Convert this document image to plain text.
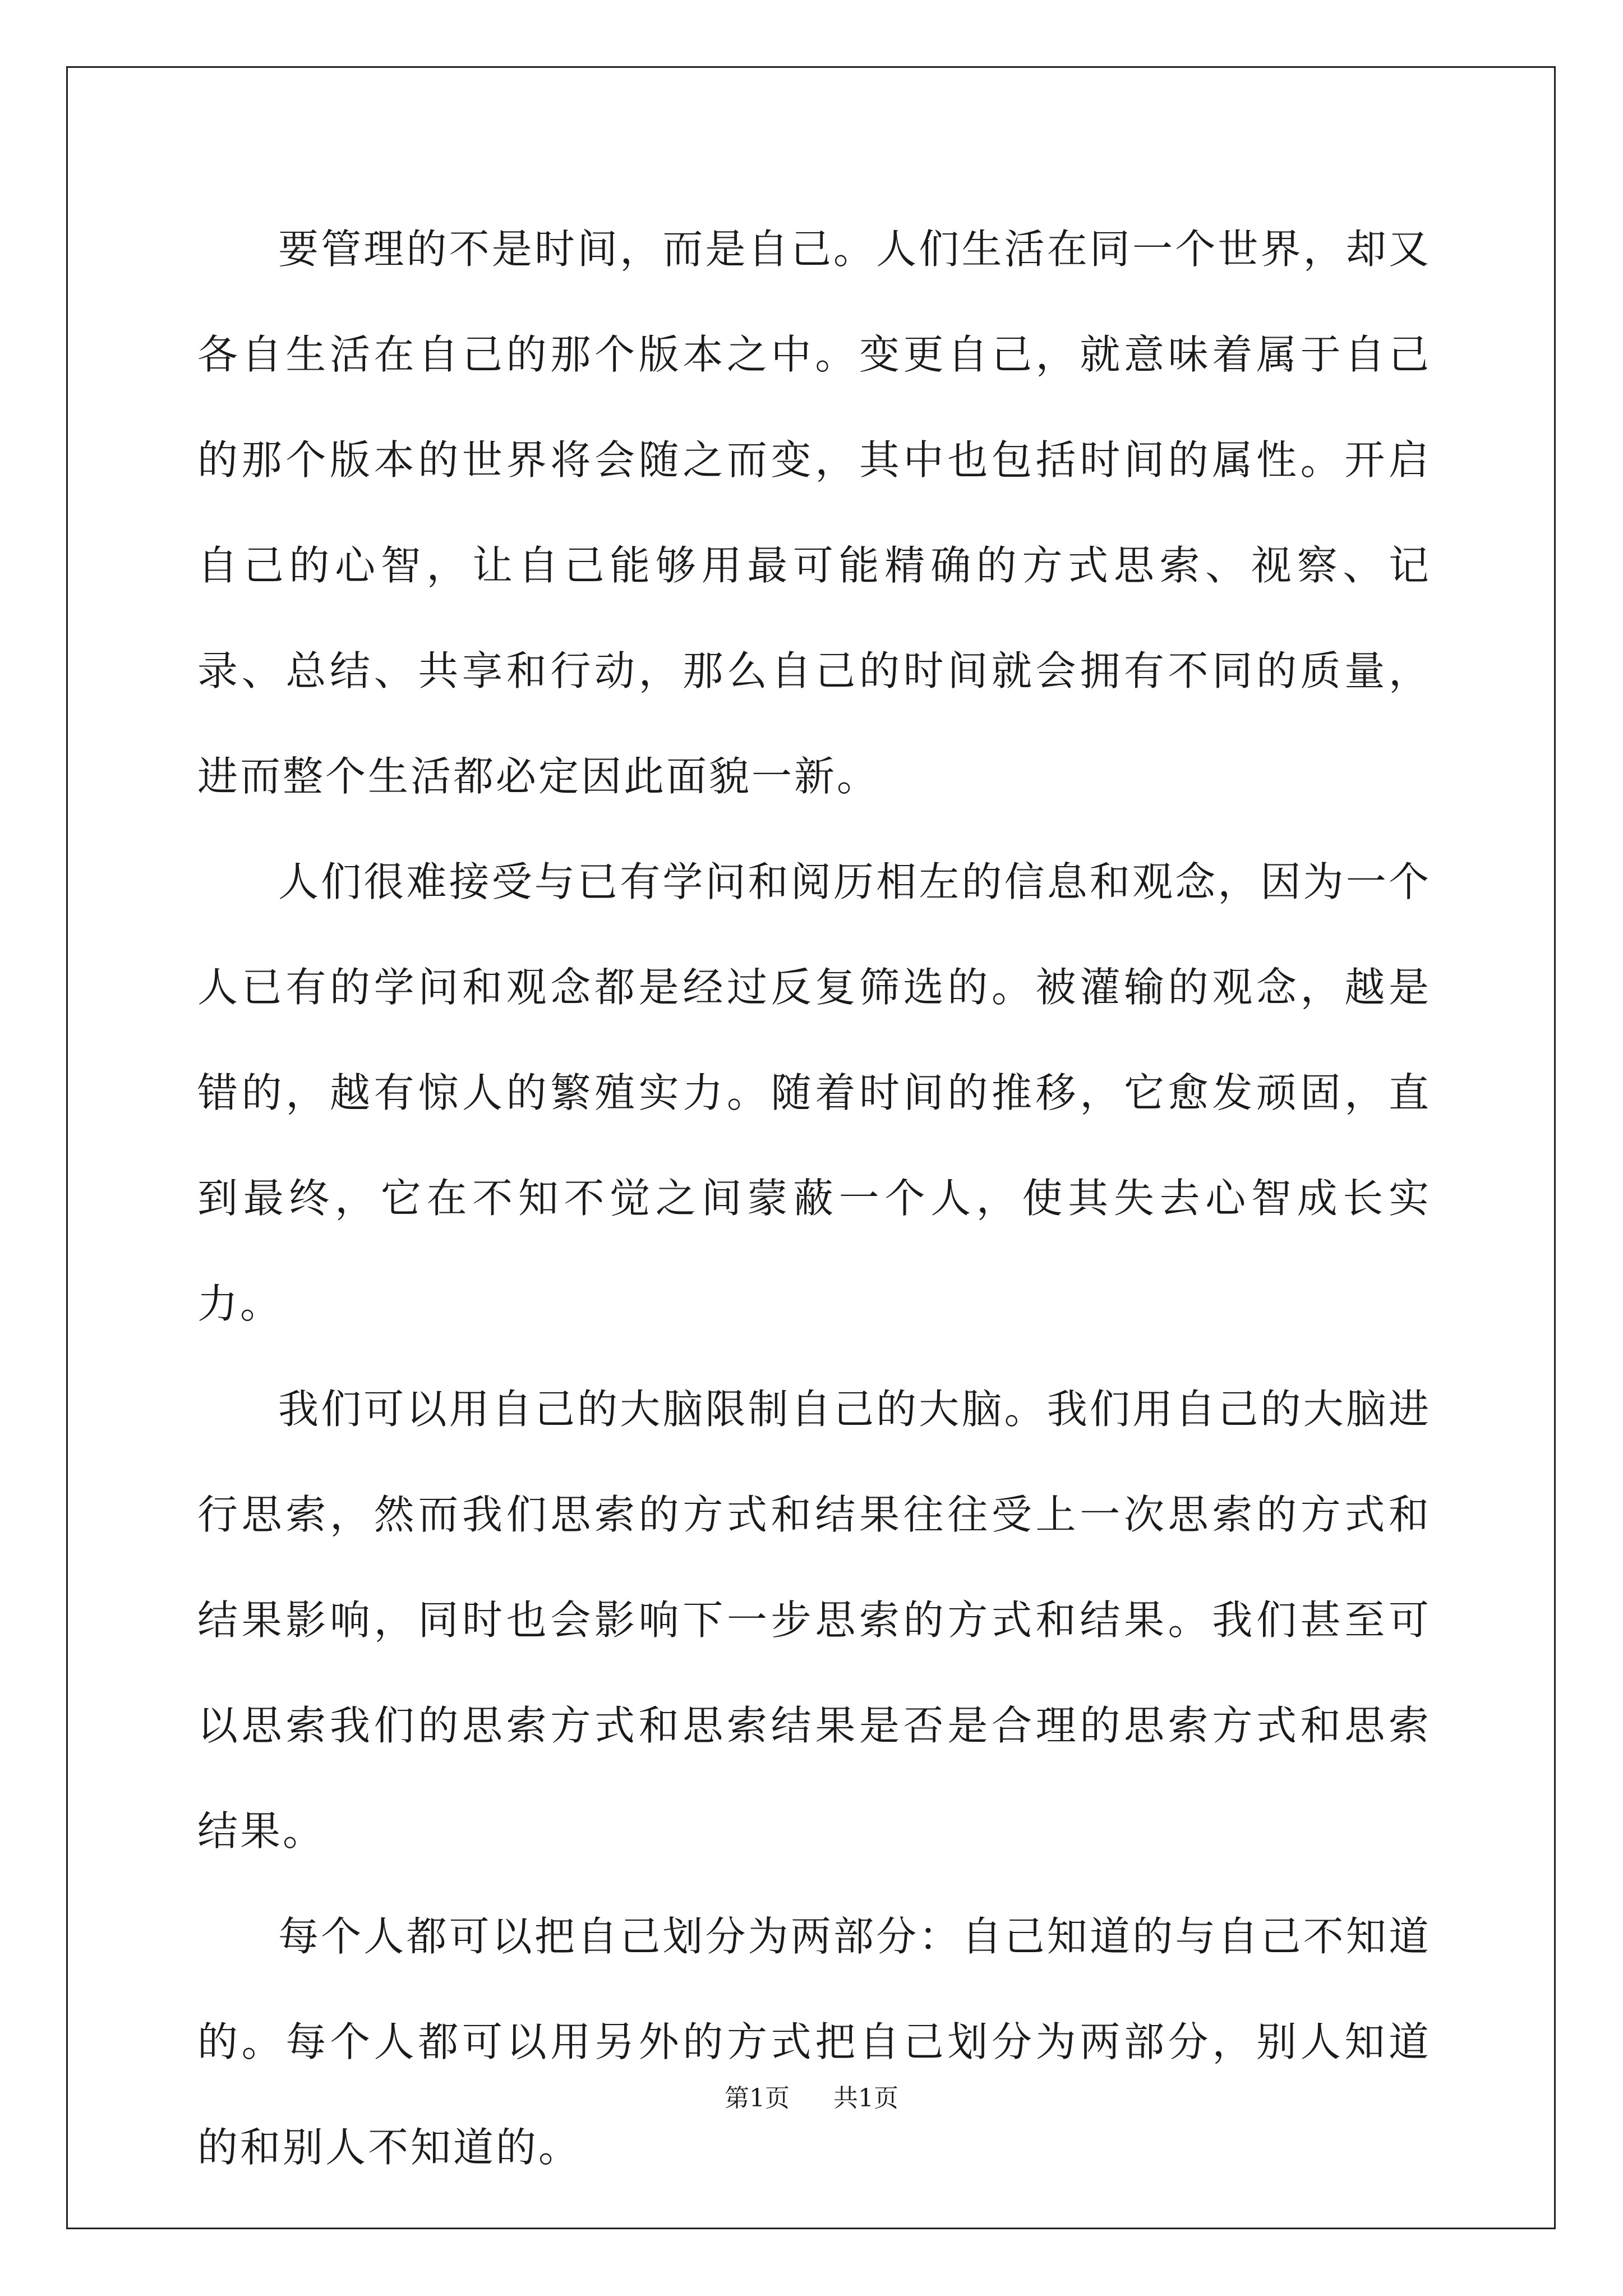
要管理的不是时间，而是自己。人们生活在同一个世界，却又各自生活在自己的那个版本之中。变更自己，就意味着属于自己的那个版本的世界将会随之而变，其中也包括时间的属性。开启自己的心智，让自己能够用最可能精确的方式思索、视察、记录、总结、共享和行动，那么自己的时间就会拥有不同的质量，进而整个生活都必定因此面貌一新。

人们很难接受与已有学问和阅历相左的信息和观念，因为一个人已有的学问和观念都是经过反复筛选的。被灌输的观念，越是错的，越有惊人的繁殖实力。随着时间的推移，它愈发顽固，直到最终，它在不知不觉之间蒙蔽一个人，使其失去心智成长实力。

我们可以用自己的大脑限制自己的大脑。我们用自己的大脑进行思索，然而我们思索的方式和结果往往受上一次思索的方式和结果影响，同时也会影响下一步思索的方式和结果。我们甚至可以思索我们的思索方式和思索结果是否是合理的思索方式和思索结果。

每个人都可以把自己划分为两部分：自己知道的与自己不知道的。每个人都可以用另外的方式把自己划分为两部分，别人知道的和别人不知道的。

第1页 共1页
